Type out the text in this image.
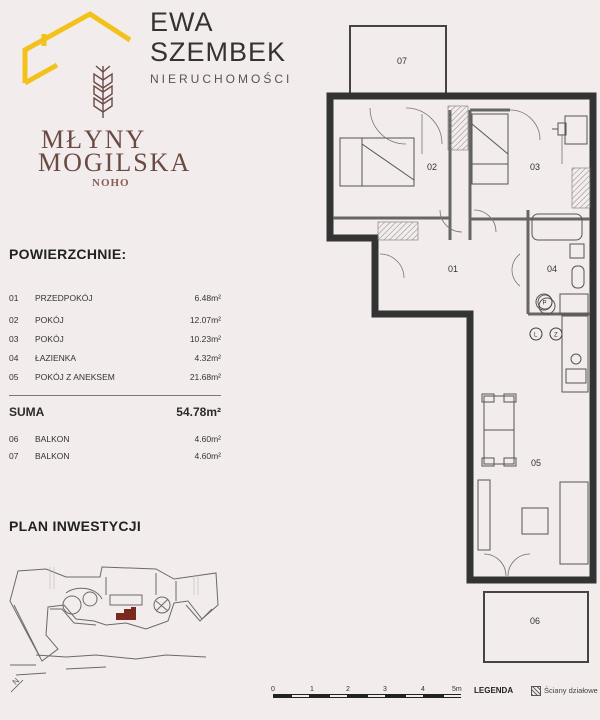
EWA
SZEMBEK
NIERUCHOMOŚCI
MŁYNY
MOGILSKA
NOHO
POWIERZCHNIE:
01 PRZEDPOKÓJ	6.48m²
02 POKÓJ	12.07m²
03 POKÓJ	10.23m²
04 ŁAZIENKA	4.32m²
05 POKÓJ Z ANEKSEM	21.68m²
SUMA	54.78m²
06 BALKON	4.60m²
07 BALKON	4.60m²
PLAN INWESTYCJI
N
07
02	03
01	04
05
06
P
L	Z
0	1	2	3	4	5m LEGENDA	Ściany działowe
